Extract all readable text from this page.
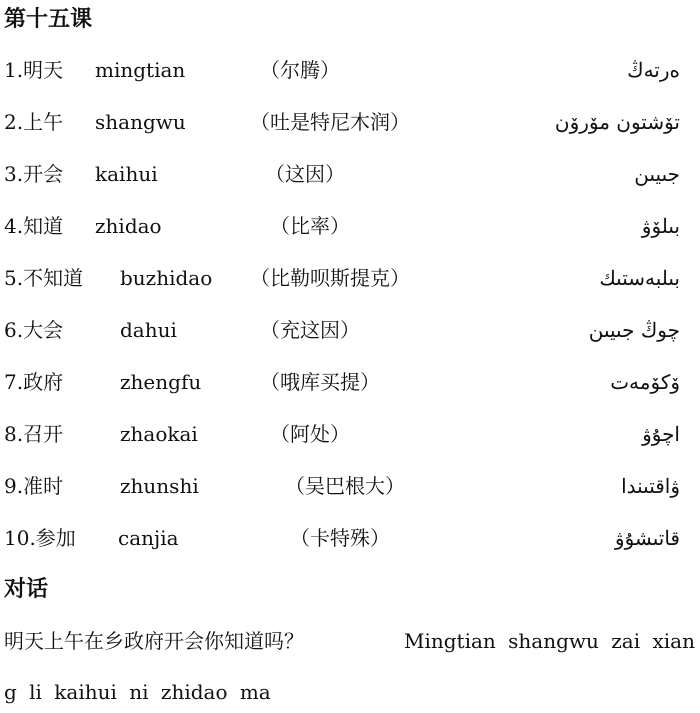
第十五课
1.明天 mingtian	（尔腾）	ەرتەڭ
2.上午 shangwu	（吐是特尼木润）	تۆشتون مۆرۆن
3.开会 kaihui	（这因）	جىيىن
4.知道 zhidao	（比率）	بىلۆۋ
5.不知道 buzhidao （比勒呗斯提克）	بىلبەستىك
6.大会	dahui	（充这因）	چوڭ جىيىن
7.政府	zhengfu	（哦库买提）	ۆكۆمەت
8.召开	zhaokai	（阿处）	اچۇۋ
9.准时	zhunshi	（吴巴根大）	ۋاقتىندا
10.参加 canjia	（卡特殊）	قاتىشۇۋ
对话
明天上午在乡政府开会你知道吗？	Mingtian shangwu zai xian
g li kaihui ni zhidao ma
